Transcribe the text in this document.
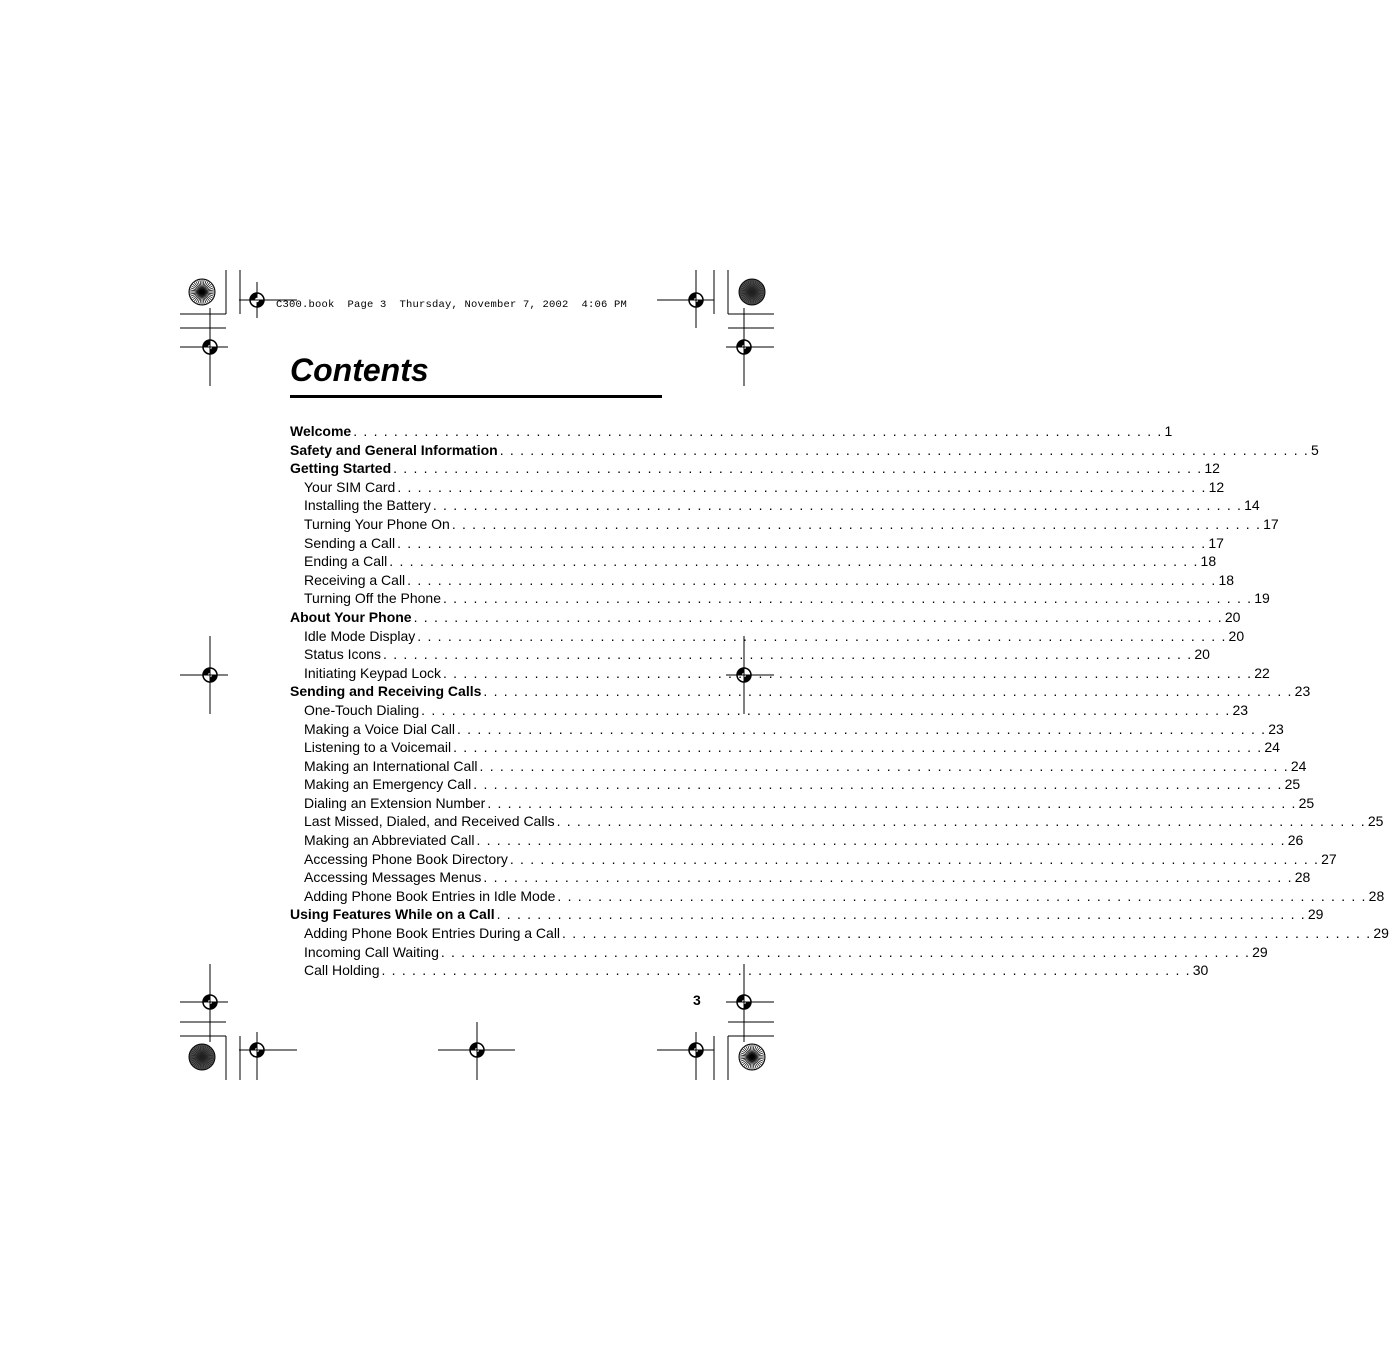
C300.book  Page 3  Thursday, November 7, 2002  4:06 PM
Contents
Welcome . . . . . . . . . . . . . . . . . . . . . . . . . . . . . . . . . . . . . . . . . . . . . . . . . . . . . . . . . . . . . . . . . . . . . . . . . . . . . . . . 1
Safety and General Information . . . . . . . . . . . . . . . . . . . . . . . . . . . . . . . . . . . . . . . . . . . . . . . . . . . . . . . . . . . . . . . . . . . . . . . . . . . . . . . . 5
Getting Started . . . . . . . . . . . . . . . . . . . . . . . . . . . . . . . . . . . . . . . . . . . . . . . . . . . . . . . . . . . . . . . . . . . . . . . . . . . . . . . . 12
Your SIM Card . . . . . . . . . . . . . . . . . . . . . . . . . . . . . . . . . . . . . . . . . . . . . . . . . . . . . . . . . . . . . . . . . . . . . . . . . . . . . . . . 12
Installing the Battery . . . . . . . . . . . . . . . . . . . . . . . . . . . . . . . . . . . . . . . . . . . . . . . . . . . . . . . . . . . . . . . . . . . . . . . . . . . . . . . . 14
Turning Your Phone On . . . . . . . . . . . . . . . . . . . . . . . . . . . . . . . . . . . . . . . . . . . . . . . . . . . . . . . . . . . . . . . . . . . . . . . . . . . . . . . . 17
Sending a Call . . . . . . . . . . . . . . . . . . . . . . . . . . . . . . . . . . . . . . . . . . . . . . . . . . . . . . . . . . . . . . . . . . . . . . . . . . . . . . . . 17
Ending a Call . . . . . . . . . . . . . . . . . . . . . . . . . . . . . . . . . . . . . . . . . . . . . . . . . . . . . . . . . . . . . . . . . . . . . . . . . . . . . . . . 18
Receiving a Call . . . . . . . . . . . . . . . . . . . . . . . . . . . . . . . . . . . . . . . . . . . . . . . . . . . . . . . . . . . . . . . . . . . . . . . . . . . . . . . . 18
Turning Off the Phone . . . . . . . . . . . . . . . . . . . . . . . . . . . . . . . . . . . . . . . . . . . . . . . . . . . . . . . . . . . . . . . . . . . . . . . . . . . . . . . . 19
About Your Phone . . . . . . . . . . . . . . . . . . . . . . . . . . . . . . . . . . . . . . . . . . . . . . . . . . . . . . . . . . . . . . . . . . . . . . . . . . . . . . . . 20
Idle Mode Display . . . . . . . . . . . . . . . . . . . . . . . . . . . . . . . . . . . . . . . . . . . . . . . . . . . . . . . . . . . . . . . . . . . . . . . . . . . . . . . . 20
Status Icons . . . . . . . . . . . . . . . . . . . . . . . . . . . . . . . . . . . . . . . . . . . . . . . . . . . . . . . . . . . . . . . . . . . . . . . . . . . . . . . . 20
Initiating Keypad Lock . . . . . . . . . . . . . . . . . . . . . . . . . . . . . . . . . . . . . . . . . . . . . . . . . . . . . . . . . . . . . . . . . . . . . . . . . . . . . . . . 22
Sending and Receiving Calls . . . . . . . . . . . . . . . . . . . . . . . . . . . . . . . . . . . . . . . . . . . . . . . . . . . . . . . . . . . . . . . . . . . . . . . . . . . . . . . . 23
One-Touch Dialing . . . . . . . . . . . . . . . . . . . . . . . . . . . . . . . . . . . . . . . . . . . . . . . . . . . . . . . . . . . . . . . . . . . . . . . . . . . . . . . . 23
Making a Voice Dial Call . . . . . . . . . . . . . . . . . . . . . . . . . . . . . . . . . . . . . . . . . . . . . . . . . . . . . . . . . . . . . . . . . . . . . . . . . . . . . . . . 23
Listening to a Voicemail . . . . . . . . . . . . . . . . . . . . . . . . . . . . . . . . . . . . . . . . . . . . . . . . . . . . . . . . . . . . . . . . . . . . . . . . . . . . . . . . 24
Making an International Call . . . . . . . . . . . . . . . . . . . . . . . . . . . . . . . . . . . . . . . . . . . . . . . . . . . . . . . . . . . . . . . . . . . . . . . . . . . . . . . . 24
Making an Emergency Call . . . . . . . . . . . . . . . . . . . . . . . . . . . . . . . . . . . . . . . . . . . . . . . . . . . . . . . . . . . . . . . . . . . . . . . . . . . . . . . . 25
Dialing an Extension Number . . . . . . . . . . . . . . . . . . . . . . . . . . . . . . . . . . . . . . . . . . . . . . . . . . . . . . . . . . . . . . . . . . . . . . . . . . . . . . . . 25
Last Missed, Dialed, and Received Calls . . . . . . . . . . . . . . . . . . . . . . . . . . . . . . . . . . . . . . . . . . . . . . . . . . . . . . . . . . . . . . . . . . . . . . . . . . . . . . . . 25
Making an Abbreviated Call . . . . . . . . . . . . . . . . . . . . . . . . . . . . . . . . . . . . . . . . . . . . . . . . . . . . . . . . . . . . . . . . . . . . . . . . . . . . . . . . 26
Accessing Phone Book Directory . . . . . . . . . . . . . . . . . . . . . . . . . . . . . . . . . . . . . . . . . . . . . . . . . . . . . . . . . . . . . . . . . . . . . . . . . . . . . . . . 27
Accessing Messages Menus . . . . . . . . . . . . . . . . . . . . . . . . . . . . . . . . . . . . . . . . . . . . . . . . . . . . . . . . . . . . . . . . . . . . . . . . . . . . . . . . 28
Adding Phone Book Entries in Idle Mode . . . . . . . . . . . . . . . . . . . . . . . . . . . . . . . . . . . . . . . . . . . . . . . . . . . . . . . . . . . . . . . . . . . . . . . . . . . . . . . . 28
Using Features While on a Call . . . . . . . . . . . . . . . . . . . . . . . . . . . . . . . . . . . . . . . . . . . . . . . . . . . . . . . . . . . . . . . . . . . . . . . . . . . . . . . . 29
Adding Phone Book Entries During a Call . . . . . . . . . . . . . . . . . . . . . . . . . . . . . . . . . . . . . . . . . . . . . . . . . . . . . . . . . . . . . . . . . . . . . . . . . . . . . . . . 29
Incoming Call Waiting . . . . . . . . . . . . . . . . . . . . . . . . . . . . . . . . . . . . . . . . . . . . . . . . . . . . . . . . . . . . . . . . . . . . . . . . . . . . . . . . 29
Call Holding . . . . . . . . . . . . . . . . . . . . . . . . . . . . . . . . . . . . . . . . . . . . . . . . . . . . . . . . . . . . . . . . . . . . . . . . . . . . . . . . 30
3
